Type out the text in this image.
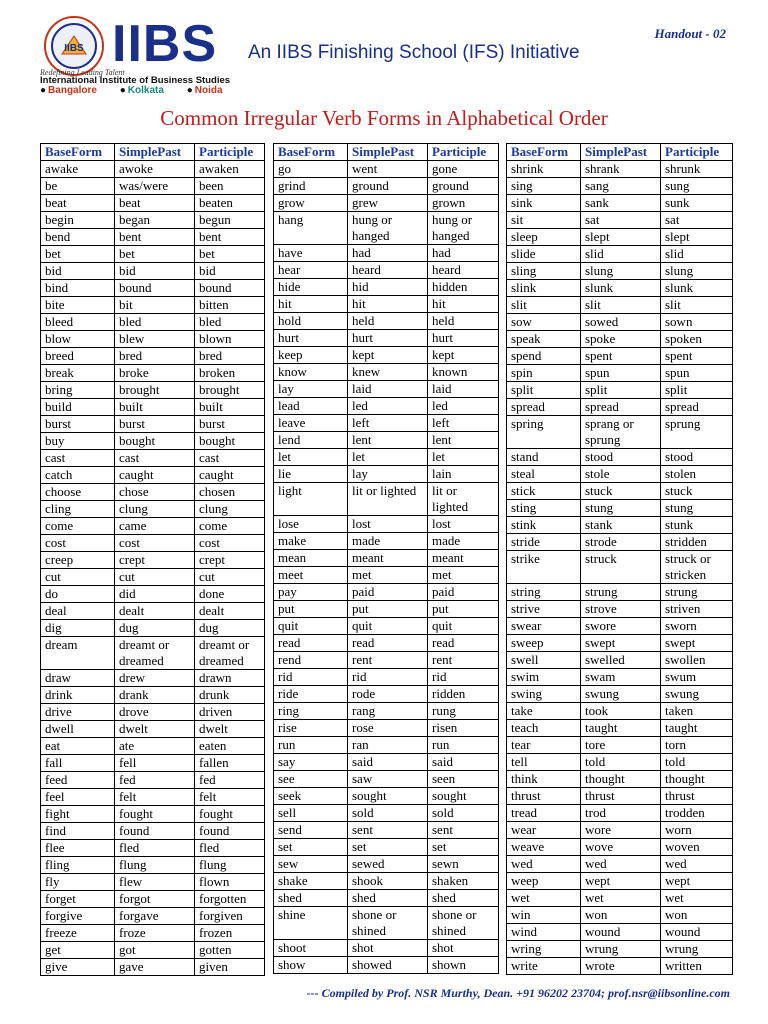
IIBS IIBS An IIBS Finishing School (IFS) Initiative
Handout - 02
Redefining Leading Talent
International Institute of Business Studies
● Bangalore ● Kolkata ● Noida
Common Irregular Verb Forms in Alphabetical Order
BaseForm	SimplePast	Participle
awake	awoke	awaken
be	was/were	been
beat	beat	beaten
begin	began	begun
bend	bent	bent
bet	bet	bet
bid	bid	bid
bind	bound	bound
bite	bit	bitten
bleed	bled	bled
blow	blew	blown
breed	bred	bred
break	broke	broken
bring	brought	brought
build	built	built
burst	burst	burst
buy	bought	bought
cast	cast	cast
catch	caught	caught
choose	chose	chosen
cling	clung	clung
come	came	come
cost	cost	cost
creep	crept	crept
cut	cut	cut
do	did	done
deal	dealt	dealt
dig	dug	dug
dream	dreamt or dreamed	dreamt or dreamed
draw	drew	drawn
drink	drank	drunk
drive	drove	driven
dwell	dwelt	dwelt
eat	ate	eaten
fall	fell	fallen
feed	fed	fed
feel	felt	felt
fight	fought	fought
find	found	found
flee	fled	fled
fling	flung	flung
fly	flew	flown
forget	forgot	forgotten
forgive	forgave	forgiven
freeze	froze	frozen
get	got	gotten
give	gave	given
BaseForm	SimplePast	Participle
go	went	gone
grind	ground	ground
grow	grew	grown
hang	hung or hanged	hung or hanged
have	had	had
hear	heard	heard
hide	hid	hidden
hit	hit	hit
hold	held	held
hurt	hurt	hurt
keep	kept	kept
know	knew	known
lay	laid	laid
lead	led	led
leave	left	left
lend	lent	lent
let	let	let
lie	lay	lain
light	lit or lighted	lit or lighted
lose	lost	lost
make	made	made
mean	meant	meant
meet	met	met
pay	paid	paid
put	put	put
quit	quit	quit
read	read	read
rend	rent	rent
rid	rid	rid
ride	rode	ridden
ring	rang	rung
rise	rose	risen
run	ran	run
say	said	said
see	saw	seen
seek	sought	sought
sell	sold	sold
send	sent	sent
set	set	set
sew	sewed	sewn
shake	shook	shaken
shed	shed	shed
shine	shone or shined	shone or shined
shoot	shot	shot
show	showed	shown
BaseForm	SimplePast	Participle
shrink	shrank	shrunk
sing	sang	sung
sink	sank	sunk
sit	sat	sat
sleep	slept	slept
slide	slid	slid
sling	slung	slung
slink	slunk	slunk
slit	slit	slit
sow	sowed	sown
speak	spoke	spoken
spend	spent	spent
spin	spun	spun
split	split	split
spread	spread	spread
spring	sprang or sprung	sprung
stand	stood	stood
steal	stole	stolen
stick	stuck	stuck
sting	stung	stung
stink	stank	stunk
stride	strode	stridden
strike	struck	struck or stricken
string	strung	strung
strive	strove	striven
swear	swore	sworn
sweep	swept	swept
swell	swelled	swollen
swim	swam	swum
swing	swung	swung
take	took	taken
teach	taught	taught
tear	tore	torn
tell	told	told
think	thought	thought
thrust	thrust	thrust
tread	trod	trodden
wear	wore	worn
weave	wove	woven
wed	wed	wed
weep	wept	wept
wet	wet	wet
win	won	won
wind	wound	wound
wring	wrung	wrung
write	wrote	written
--- Compiled by Prof. NSR Murthy, Dean. +91 96202 23704; prof.nsr@iibsonline.com
